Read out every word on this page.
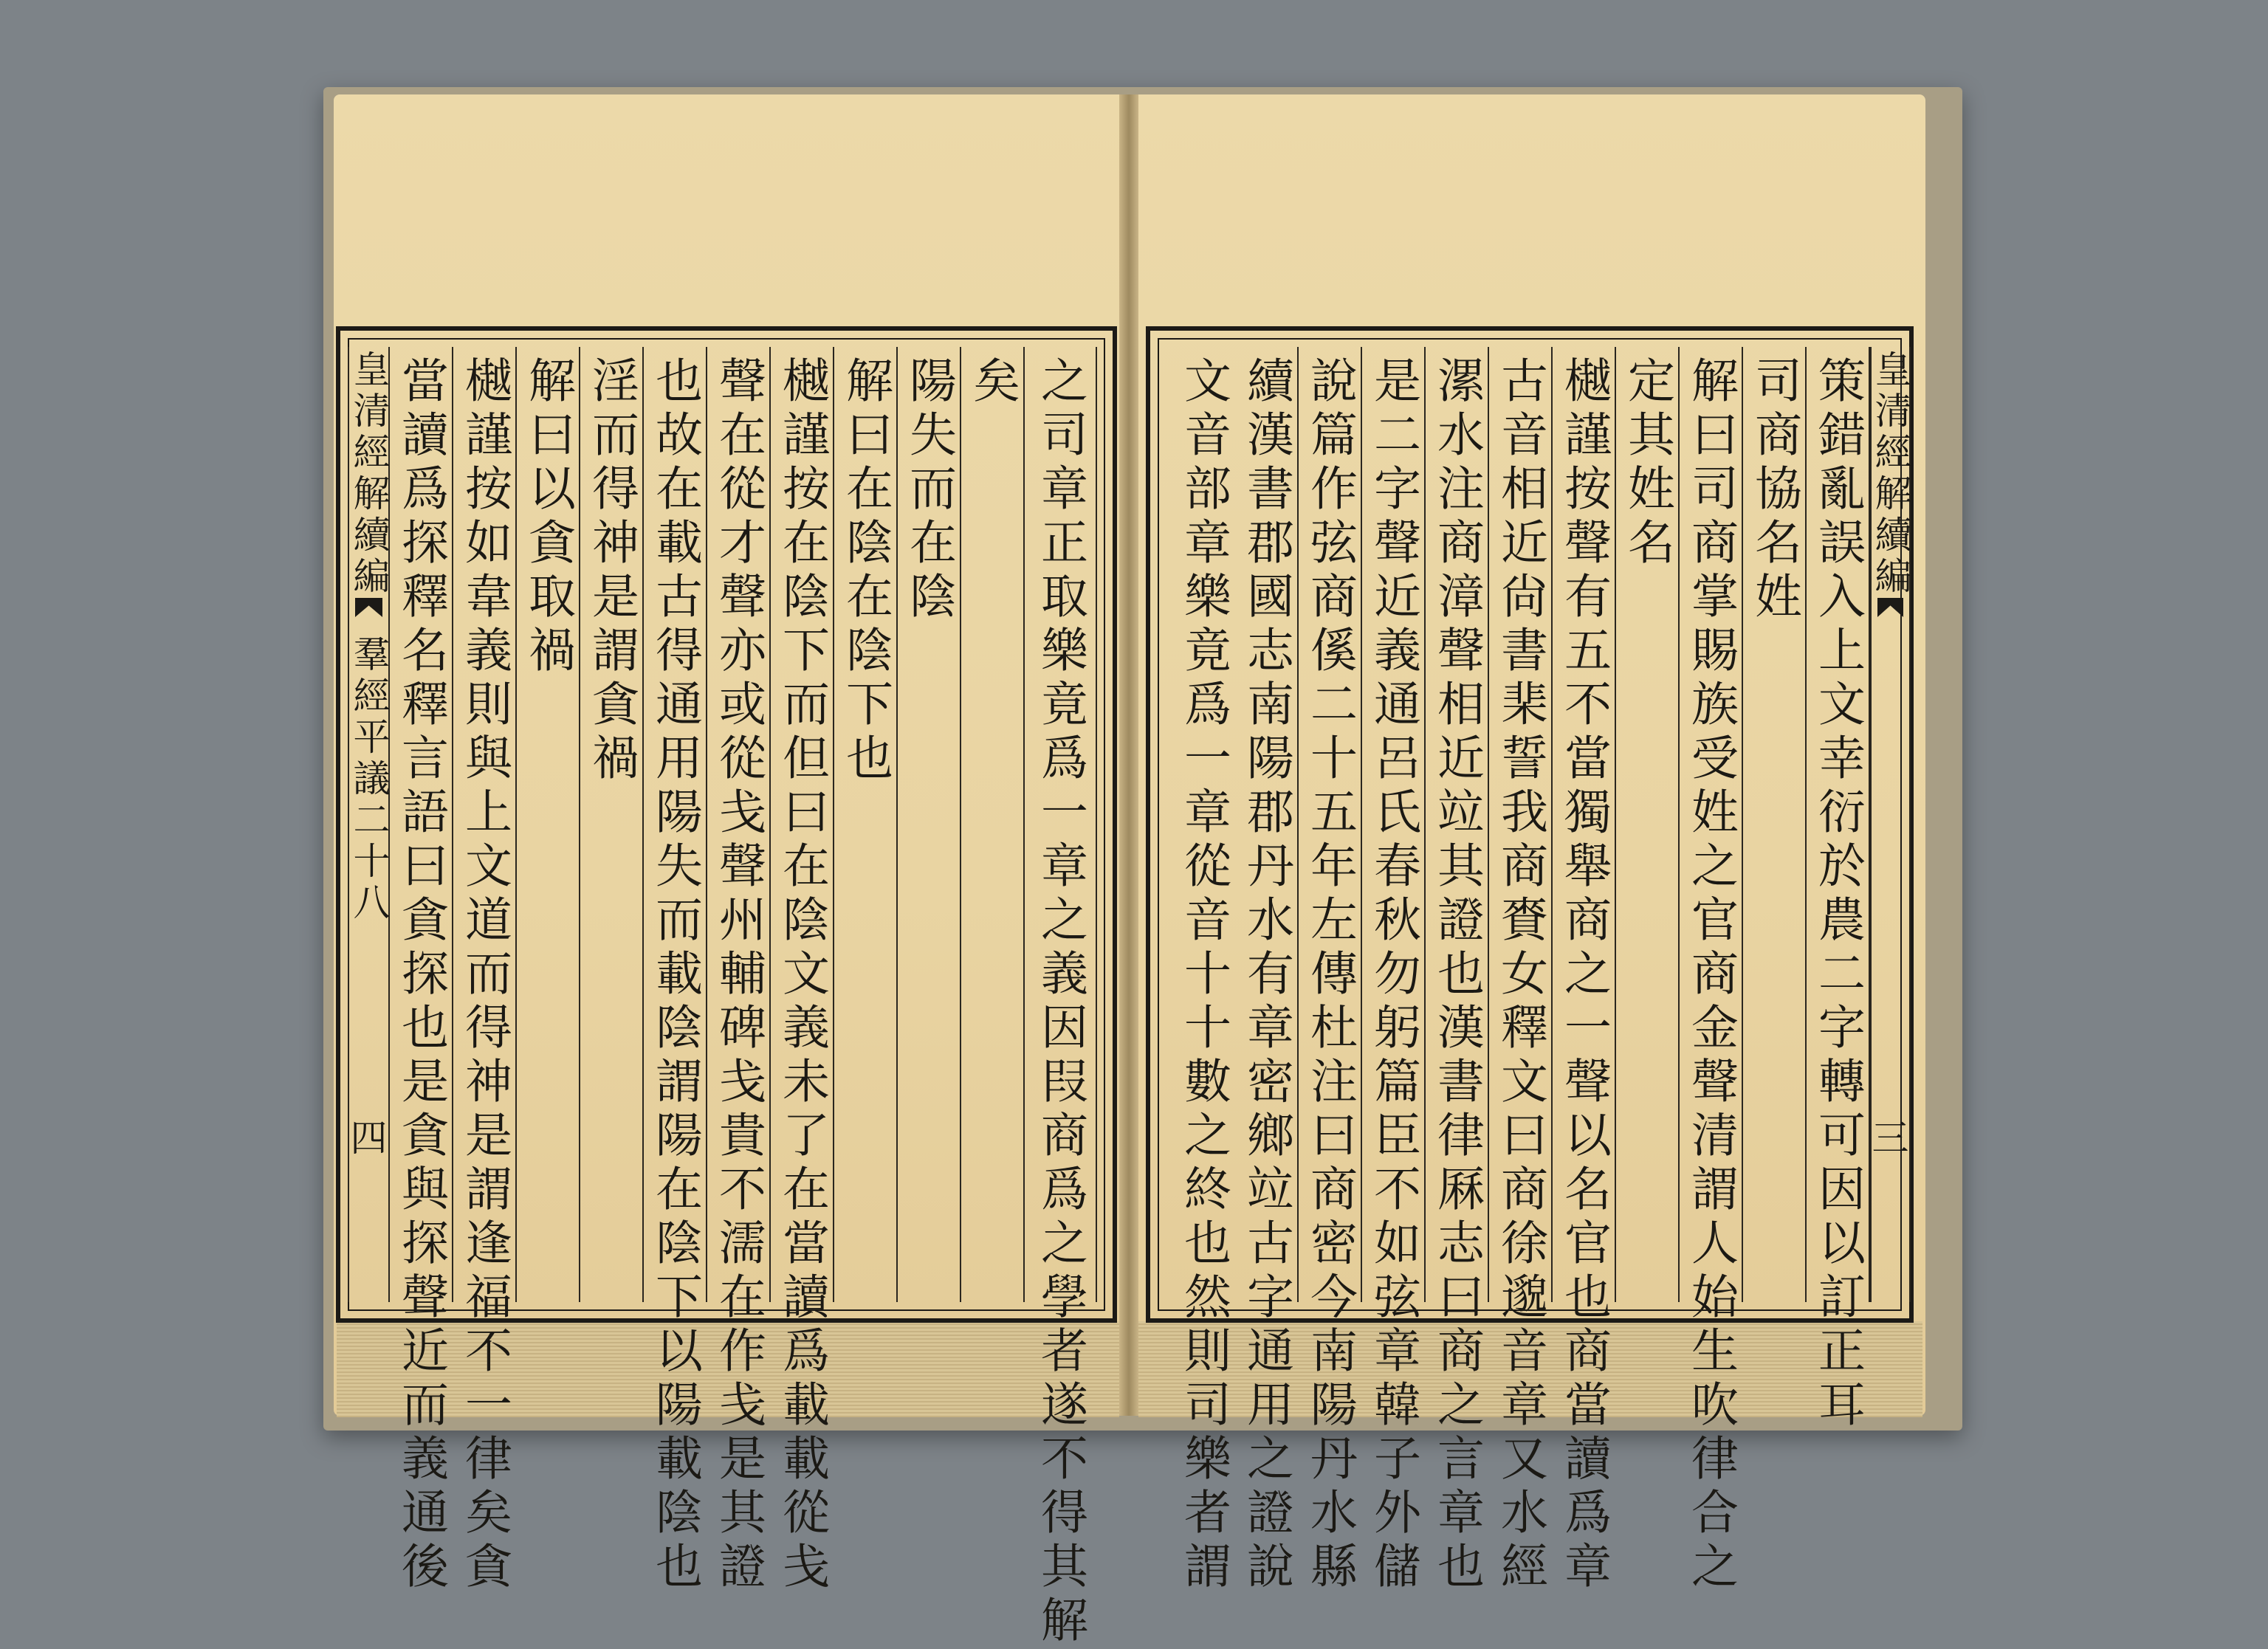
之司章正取樂竟爲一章之義因叚商爲之學者遂不得其解
矣
陽失而在陰
解曰在陰在陰下也
樾謹按在陰下而但曰在陰文義未了在當讀爲載載從戋
聲在從才聲亦或從戋聲州輔碑戋貴不濡在作戋是其證
也故在載古得通用陽失而載陰謂陽在陰下以陽載陰也
淫而得神是謂貪禍
解曰以貪取禍
樾謹按如韋義則與上文道而得神是謂逢福不一律矣貪
當讀爲探釋名釋言語曰貪探也是貪與探聲近而義通後
皇清經解續編
羣經平議二十八
四
皇清經解續編
三
策錯亂誤入上文幸衍於農二字轉可因以訂正耳
司商協名姓
解曰司商掌賜族受姓之官商金聲清謂人始生吹律合之
定其姓名
樾謹按聲有五不當獨舉商之一聲以名官也商當讀爲章
古音相近尙書棐誓我商賚女釋文曰商徐邈音章又水經
漯水注商漳聲相近竝其證也漢書律厤志曰商之言章也
是二字聲近義通呂氏春秋勿躬篇臣不如弦章韓子外儲
說篇作弦商傒二十五年左傳杜注曰商密今南陽丹水縣
續漢書郡國志南陽郡丹水有章密鄉竝古字通用之證說
文音部章樂竟爲一章從音十十數之終也然則司樂者謂
